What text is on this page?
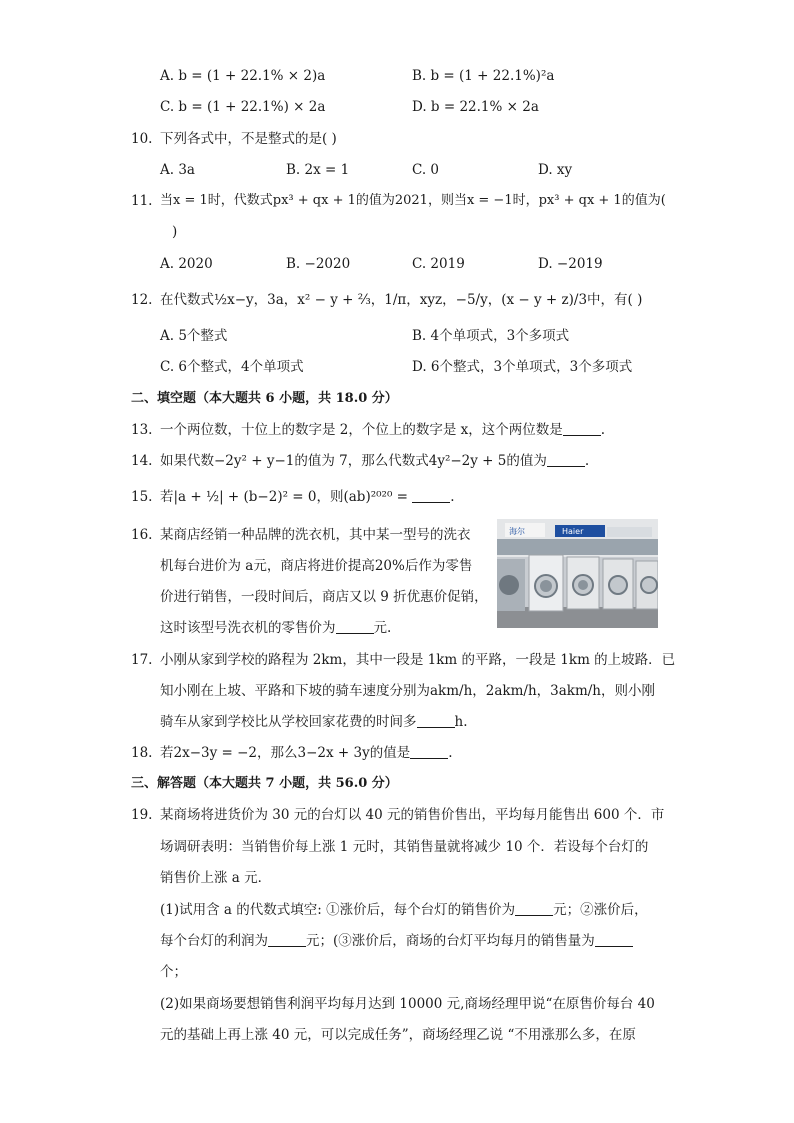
A. b = (1 + 22.1% × 2)a	B. b = (1 + 22.1%)²a
C. b = (1 + 22.1%) × 2a	D. b = 22.1% × 2a
10. 下列各式中，不是整式的是( )
A. 3a	B. 2x = 1	C. 0	D. xy
11. 当x = 1时，代数式px³ + qx + 1的值为2021，则当x = −1时，px³ + qx + 1的值为(
)
A. 2020	B. −2020	C. 2019	D. −2019
12. 在代数式½x−y，3a，x² − y + ⅔，1/π，xyz，−5/y，(x − y + z)/3中，有( )
A. 5个整式	B. 4个单项式，3个多项式
C. 6个整式，4个单项式	D. 6个整式，3个单项式，3个多项式
二、填空题（本大题共 6 小题，共 18.0 分）
13. 一个两位数，十位上的数字是 2，个位上的数字是 x，这个两位数是	.
14. 如果代数−2y² + y−1的值为 7，那么代数式4y²−2y + 5的值为	.
15. 若|a + ½| + (b−2)² = 0，则(ab)²⁰²⁰ =	.
16. 某商店经销一种品牌的洗衣机，其中某一型号的洗衣
机每台进价为 a元，商店将进价提高20%后作为零售
价进行销售，一段时间后，商店又以 9 折优惠价促销，
这时该型号洗衣机的零售价为	元.
海尔	Haier
17. 小刚从家到学校的路程为 2km，其中一段是 1km 的平路，一段是 1km 的上坡路．已
知小刚在上坡、平路和下坡的骑车速度分别为akm/h，2akm/h，3akm/h，则小刚
骑车从家到学校比从学校回家花费的时间多	h.
18. 若2x−3y = −2，那么3−2x + 3y的值是	.
三、解答题（本大题共 7 小题，共 56.0 分）
19. 某商场将进货价为 30 元的台灯以 40 元的销售价售出，平均每月能售出 600 个．市
场调研表明：当销售价每上涨 1 元时，其销售量就将减少 10 个．若设每个台灯的
销售价上涨 a 元．
(1)试用含 a 的代数式填空: ①涨价后，每个台灯的销售价为	元；②涨价后，
每个台灯的利润为	元；(③涨价后，商场的台灯平均每月的销售量为
个；
(2)如果商场要想销售利润平均每月达到 10000 元,商场经理甲说“在原售价每台 40
元的基础上再上涨 40 元，可以完成任务”，商场经理乙说 “不用涨那么多，在原
